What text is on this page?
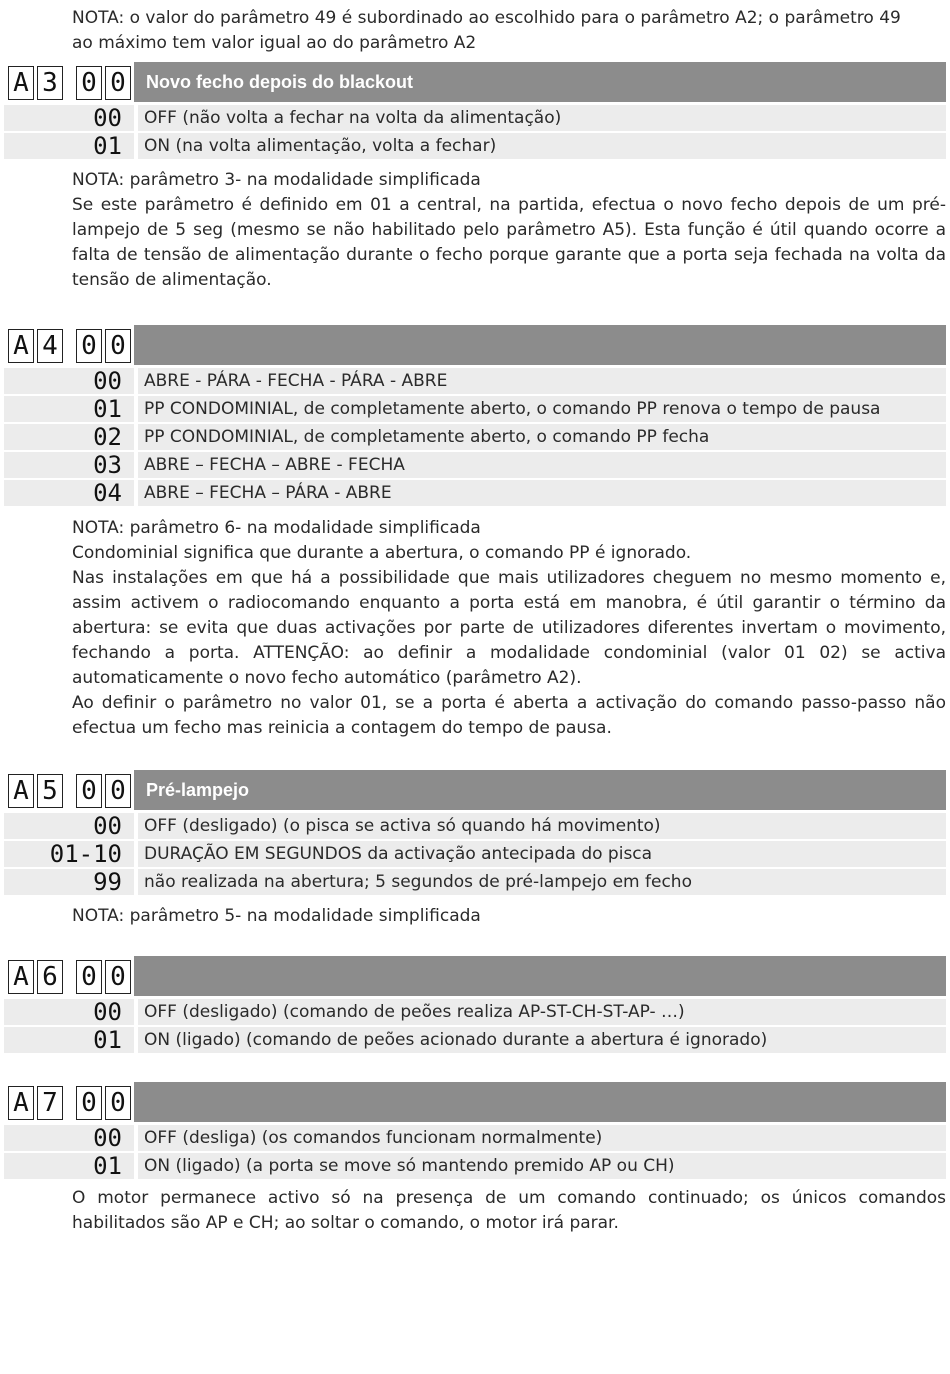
NOTA: o valor do parâmetro 49 é subordinado ao escolhido para o parâmetro A2; o parâmetro 49

ao máximo tem valor igual ao do parâmetro A2

A 3 0 0	Novo fecho depois do blackout
00	OFF (não volta a fechar na volta da alimentação)
01	ON (na volta alimentação, volta a fechar)

NOTA: parâmetro 3- na modalidade simplificada

Se este parâmetro é definido em 01 a central, na partida, efectua o novo fecho depois de um pré-lampejo de 5 seg (mesmo se não habilitado pelo parâmetro A5). Esta função é útil quando ocorre a falta de tensão de alimentação durante o fecho porque garante que a porta seja fechada na volta da tensão de alimentação.

A 4 0 0
00	ABRE - PÁRA - FECHA - PÁRA - ABRE
01	PP CONDOMINIAL, de completamente aberto, o comando PP renova o tempo de pausa
02	PP CONDOMINIAL, de completamente aberto, o comando PP fecha
03	ABRE – FECHA – ABRE - FECHA
04	ABRE – FECHA – PÁRA - ABRE

NOTA: parâmetro 6- na modalidade simplificada

Condominial significa que durante a abertura, o comando PP é ignorado.

Nas instalações em que há a possibilidade que mais utilizadores cheguem no mesmo momento e, assim activem o radiocomando enquanto a porta está em manobra, é útil garantir o término da abertura: se evita que duas activações por parte de utilizadores diferentes invertam o movimento, fechando a porta. ATTENÇÃO: ao definir a modalidade condominial (valor 01 02) se activa automaticamente o novo fecho automático (parâmetro A2).

Ao definir o parâmetro no valor 01, se a porta é aberta a activação do comando passo-passo não efectua um fecho mas reinicia a contagem do tempo de pausa.

A 5 0 0	Pré-lampejo
00	OFF (desligado) (o pisca se activa só quando há movimento)
01-10	DURAÇÃO EM SEGUNDOS da activação antecipada do pisca
99	não realizada na abertura; 5 segundos de pré-lampejo em fecho

NOTA: parâmetro 5- na modalidade simplificada

A 6 0 0
00	OFF (desligado) (comando de peões realiza AP-ST-CH-ST-AP- …)
01	ON (ligado) (comando de peões acionado durante a abertura é ignorado)
A 7 0 0
00	OFF (desliga) (os comandos funcionam normalmente)
01	ON (ligado) (a porta se move só mantendo premido AP ou CH)

O motor permanece activo só na presença de um comando continuado; os únicos comandos habilitados são AP e CH; ao soltar o comando, o motor irá parar.
